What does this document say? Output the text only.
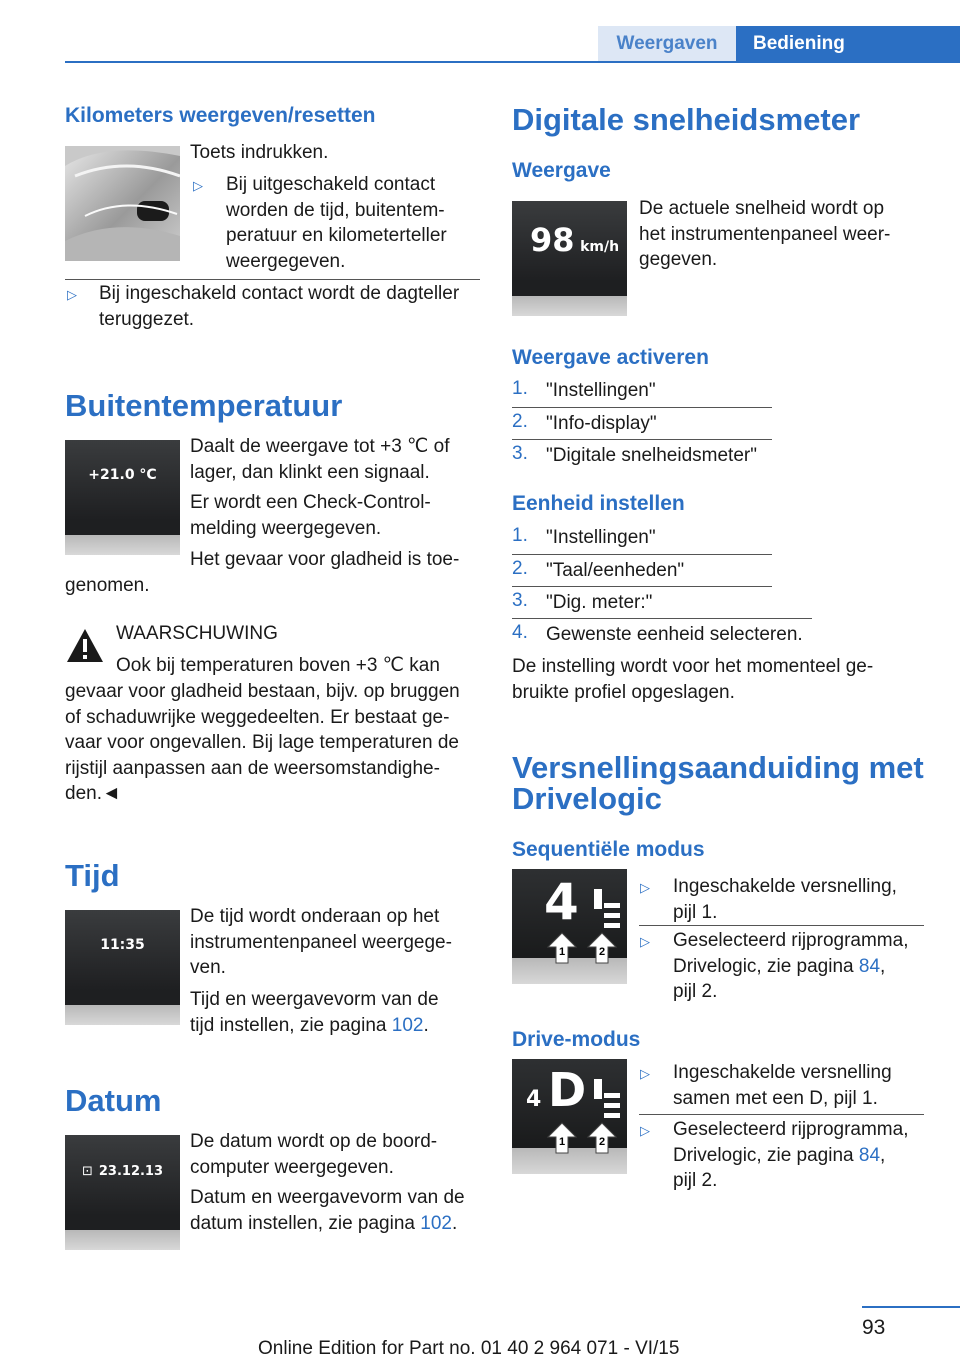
Weergaven	Bediening
Kilometers weergeven/resetten
Toets indrukken.
▷ Bij uitgeschakeld contact
worden de tijd, buitentem-
peratuur en kilometerteller
weergegeven.
▷ Bij ingeschakeld contact wordt de dagteller
teruggezet.
Buitentemperatuur
+21.0 °C
Daalt de weergave tot +3 ℃ of
lager, dan klinkt een signaal.
Er wordt een Check-Control-
melding weergegeven.
Het gevaar voor gladheid is toe-
genomen.
WAARSCHUWING
Ook bij temperaturen boven +3 ℃ kan
gevaar voor gladheid bestaan, bijv. op bruggen
of schaduwrijke weggedeelten. Er bestaat ge-
vaar voor ongevallen. Bij lage temperaturen de
rijstijl aanpassen aan de weersomstandighe-
den.◄
Tijd
11:35
De tijd wordt onderaan op het
instrumentenpaneel weergege-
ven.
Tijd en weergavevorm van de
tijd instellen, zie pagina 102.
Datum
⊡ 23.12.13
De datum wordt op de boord-
computer weergegeven.
Datum en weergavevorm van de
datum instellen, zie pagina 102.
Digitale snelheidsmeter
Weergave
98 km/h
De actuele snelheid wordt op
het instrumentenpaneel weer-
gegeven.
Weergave activeren
1. "Instellingen"
2. "Info-display"
3. "Digitale snelheidsmeter"
Eenheid instellen
1. "Instellingen"
2. "Taal/eenheden"
3. "Dig. meter:"
4. Gewenste eenheid selecteren.
De instelling wordt voor het momenteel ge-
bruikte profiel opgeslagen.
Versnellingsaanduiding met
Drivelogic
Sequentiële modus
4
1	2
▷ Ingeschakelde versnelling,
pijl 1.
▷ Geselecteerd rijprogramma,
Drivelogic, zie pagina 84,
pijl 2.
Drive-modus
4 D
1	2
▷ Ingeschakelde versnelling
samen met een D, pijl 1.
▷ Geselecteerd rijprogramma,
Drivelogic, zie pagina 84,
pijl 2.
93
Online Edition for Part no. 01 40 2 964 071 - VI/15
